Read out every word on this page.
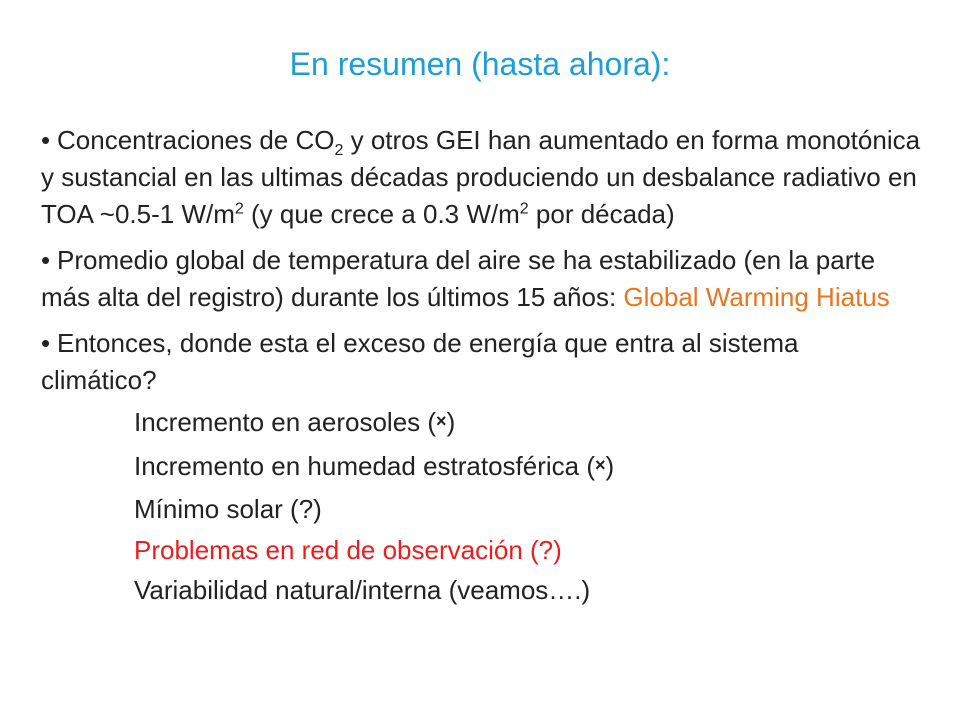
En resumen (hasta ahora):

• Concentraciones de $CO_2$ y otros GEI han aumentado en forma monotónica y sustancial en las ultimas décadas produciendo un desbalance radiativo en TOA ~0.5-1 $W/m^2$ (y que crece a 0.3 $W/m^2$ por década)

• Promedio global de temperatura del aire se ha estabilizado (en la parte más alta del registro) durante los últimos 15 años: Global Warming Hiatus

• Entonces, donde esta el exceso de energía que entra al sistema climático?

Incremento en aerosoles (×)

Incremento en humedad estratosférica (×)

Mínimo solar (?)

Problemas en red de observación (?)

Variabilidad natural/interna (veamos….)
